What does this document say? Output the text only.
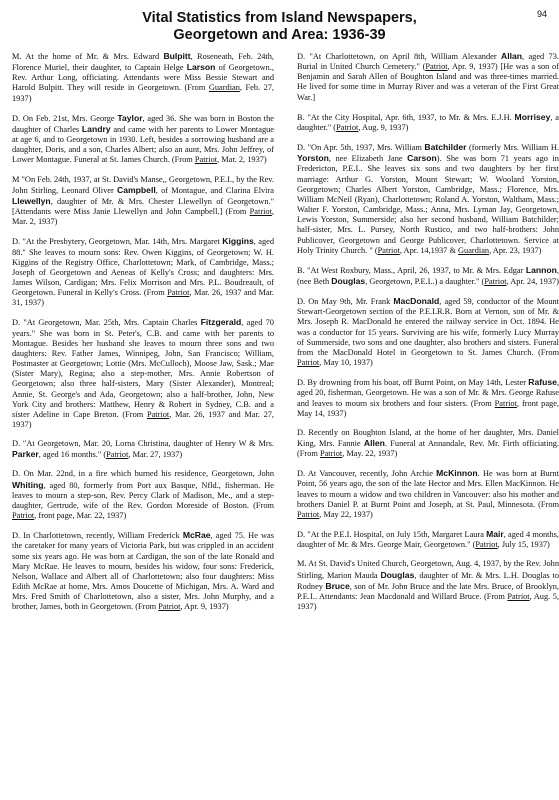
94
Vital Statistics from Island Newspapers,
Georgetown and Area: 1936-39

M. At the home of Mr. & Mrs. Edward Bulpitt, Roseneath, Feb. 24th, Florence Muriel, their daughter, to Captain Helge Larson of Georgetown., Rev. Arthur Long, officiating. Attendants were Miss Bessie Stewart and Harold Bulpitt. They will reside in Georgetown. (From Guardian, Feb. 27, 1937)

D. On Feb. 21st, Mrs. George Taylor, aged 36. She was born in Boston the daughter of Charles Landry and came with her parents to Lower Montague at age 6, and to Georgetown in 1930. Left, besides a sorrowing husband are a daughter, Doris, and a son, Charles Albert; also an aunt, Mrs. John Jeffrey, of Lower Montague. Funeral at St. James Church. (From Patriot, Mar. 2, 1937)

M "On Feb. 24th, 1937, at St. David's Manse,, Georgetown, P.E.I., by the Rev. John Stirling, Leonard Oliver Campbell, of Montague, and Clarina Elvira Llewellyn, daughter of Mr. & Mrs. Chester Llewellyn of Georgetown." [Attendants were Miss Janie Llewellyn and John Campbell.] (From Patriot, Mar. 2, 1937)

D. "At the Presbytery, Georgetown, Mar. 14th, Mrs. Margaret Kiggins, aged 88." She leaves to mourn sons: Rev. Owen Kiggins, of Georgetown; W. H. Kiggins of the Registry Office, Charlottetown; Mark, of Cambridge, Mass.; Joseph of Georgetown and Aeneas of Kelly's Cross; and daughters: Mrs. James Wilson, Cardigan; Mrs. Felix Morrison and Mrs. P.L. Boudreault, of Georgetown. Funeral in Kelly's Cross. (From Patriot, Mar. 26, 1937 and Mar. 31, 1937)

D. "At Georgetown, Mar. 25th, Mrs. Captain Charles Fitzgerald, aged 70 years." She was born in St. Peter's, C.B. and came with her parents to Montague. Besides her husband she leaves to mourn three sons and two daughters: Rev. Father James, Winnipeg, John, San Francisco; William, Postmaster at Georgetown; Lottie (Mrs. McCulloch), Moose Jaw, Sask.; Mae (Sister Mary), Regina; also a step-mother, Mrs. Annie Robertson of Georgetown; also three half-sisters, Mary (Sister Alexander), Montreal; Annie, St. George's and Ada, Georgetown; also a half-brother, John, New York City and brothers: Matthew, Henry & Robert in Sydney, C.B. and a sister Adeline in Cape Breton. (From Patriot, Mar. 26, 1937 and Mar. 27, 1937)

D. "At Georgetown, Mar. 20, Lorna Christina, daughter of Henry W & Mrs. Parker, aged 16 months." (Patriot, Mar. 27, 1937)

D. On Mar. 22nd, in a fire which burned his residence, Georgetown, John Whiting, aged 80, formerly from Port aux Basque, Nfld., fisherman. He leaves to mourn a step-son, Rev. Percy Clark of Madison, Me., and a step-daughter, Gertrude, wife of the Rev. Gordon Moreside of Boston. (From Patriot, front page, Mar. 22, 1937)

D. In Charlottetown, recently, William Frederick McRae, aged 75. He was the caretaker for many years of Victoria Park, but was crippled in an accident some six years ago. He was born at Cardigan, the son of the late Ronald and Mary McRae. He leaves to mourn, besides his widow, four sons: Frederick, Nelson, Wallace and Albert all of Charlottetown; also four daughters: Miss Edith McRae at home, Mrs. Amos Doucette of Michigan, Mrs. A. Ward and Mrs. Fred Smith of Charlottetown, also a sister, Mrs. John Murphy, and a brother, James, both in Georgetown. (From Patriot, Apr. 9, 1937)

D. "At Charlottetown, on April 8th, William Alexander Allan, aged 73. Burial in United Church Cemetery." (Patriot, Apr. 9, 1937) [He was a son of Benjamin and Sarah Allen of Boughton Island and was three-times married. He lived for some time in Murray River and was a veteran of the First Great War.]

B. "At the City Hospital, Apr. 6th, 1937, to Mr. & Mrs. E.J.H. Morrisey, a daughter." (Patriot, Aug. 9, 1937)

D. "On Apr. 5th, 1937, Mrs. William Batchilder (formerly Mrs. William H. Yorston, nee Elizabeth Jane Carson). She was born 71 years ago in Fredericton, P.E.I.. She leaves six sons and two daughters by her first marriage: Arthur G. Yorston, Mount Stewart; W. Woolard Yorston, Georgetown; Charles Albert Yorston, Cambridge, Mass.; Florence, Mrs. William McNeil (Ryan), Charlottetown; Roland A. Yorston, Waltham, Mass.; Walter F. Yorston, Cambridge, Mass.; Anna, Mrs. Lyman Jay, Georgetown, Lewis Yorston, Summerside; also her second husband, William Batchilder; half-sister, Mrs. L. Pursey, North Rustico, and two half-brothers: John Publicover, Georgetown and George Publicover, Charlottetown. Service at Holy Trinity Church. " (Patriot, Apr. 14,1937 & Guardian, Apr. 23, 1937)

B. "At West Roxbury, Mass., April, 26, 1937, to Mr. & Mrs. Edgar Lannon, (nee Beth Douglas, Georgetown, P.E.I..) a daughter." (Patriot, Apr. 24, 1937)

D. On May 9th, Mr. Frank MacDonald, aged 59, conductor of the Mount Stewart-Georgetown section of the P.E.I.R.R. Born at Vernon, son of Mr. & Mrs. Joseph R. MacDonald he entered the railway service in Oct. 1894. He was a conductor for 15 years. Surviving are his wife, formerly Lucy Murray of Summerside, two sons and one daughter, also brothers and sisters. Funeral from the MacDonald Hotel in Georgetown to St. James Church. (From Patriot, May 10, 1937)

D. By drowning from his boat, off Burnt Point, on May 14th, Lester Rafuse, aged 20, fisherman, Georgetown. He was a son of Mr. & Mrs. George Rafuse and leaves to mourn six brothers and four sisters. (From Patriot, front page, May 14, 1937)

D. Recently on Boughton Island, at the home of her daughter, Mrs. Daniel King, Mrs. Fannie Allen. Funeral at Annandale, Rev. Mr. Firth officiating. (From Patriot, May. 22, 1937)

D. At Vancouver, recently, John Archie McKinnon. He was born at Burnt Point, 56 years ago, the son of the late Hector and Mrs. Ellen MacKinnon. He leaves to mourn a widow and two children in Vancouver: also his mother and brothers Daniel P. at Burnt Point and Joseph, at St. Paul, Minnesota. (From Patriot, May 22, 1937)

D. "At the P.E.I. Hospital, on July 15th, Margaret Laura Mair, aged 4 months, daughter of Mr. & Mrs. George Mair, Georgetown." (Patriot, July 15, 1937)

M. At St. David's United Church, Georgetown, Aug. 4, 1937, by the Rev. John Stirling, Marion Mauda Douglas, daughter of Mr. & Mrs. L.H. Douglas to Rodney Bruce, son of Mr. John Bruce and the late Mrs. Bruce, of Brooklyn, P.E.I.. Attendants: Jean Macdonald and Willard Bruce. (From Patriot, Aug. 5, 1937)
